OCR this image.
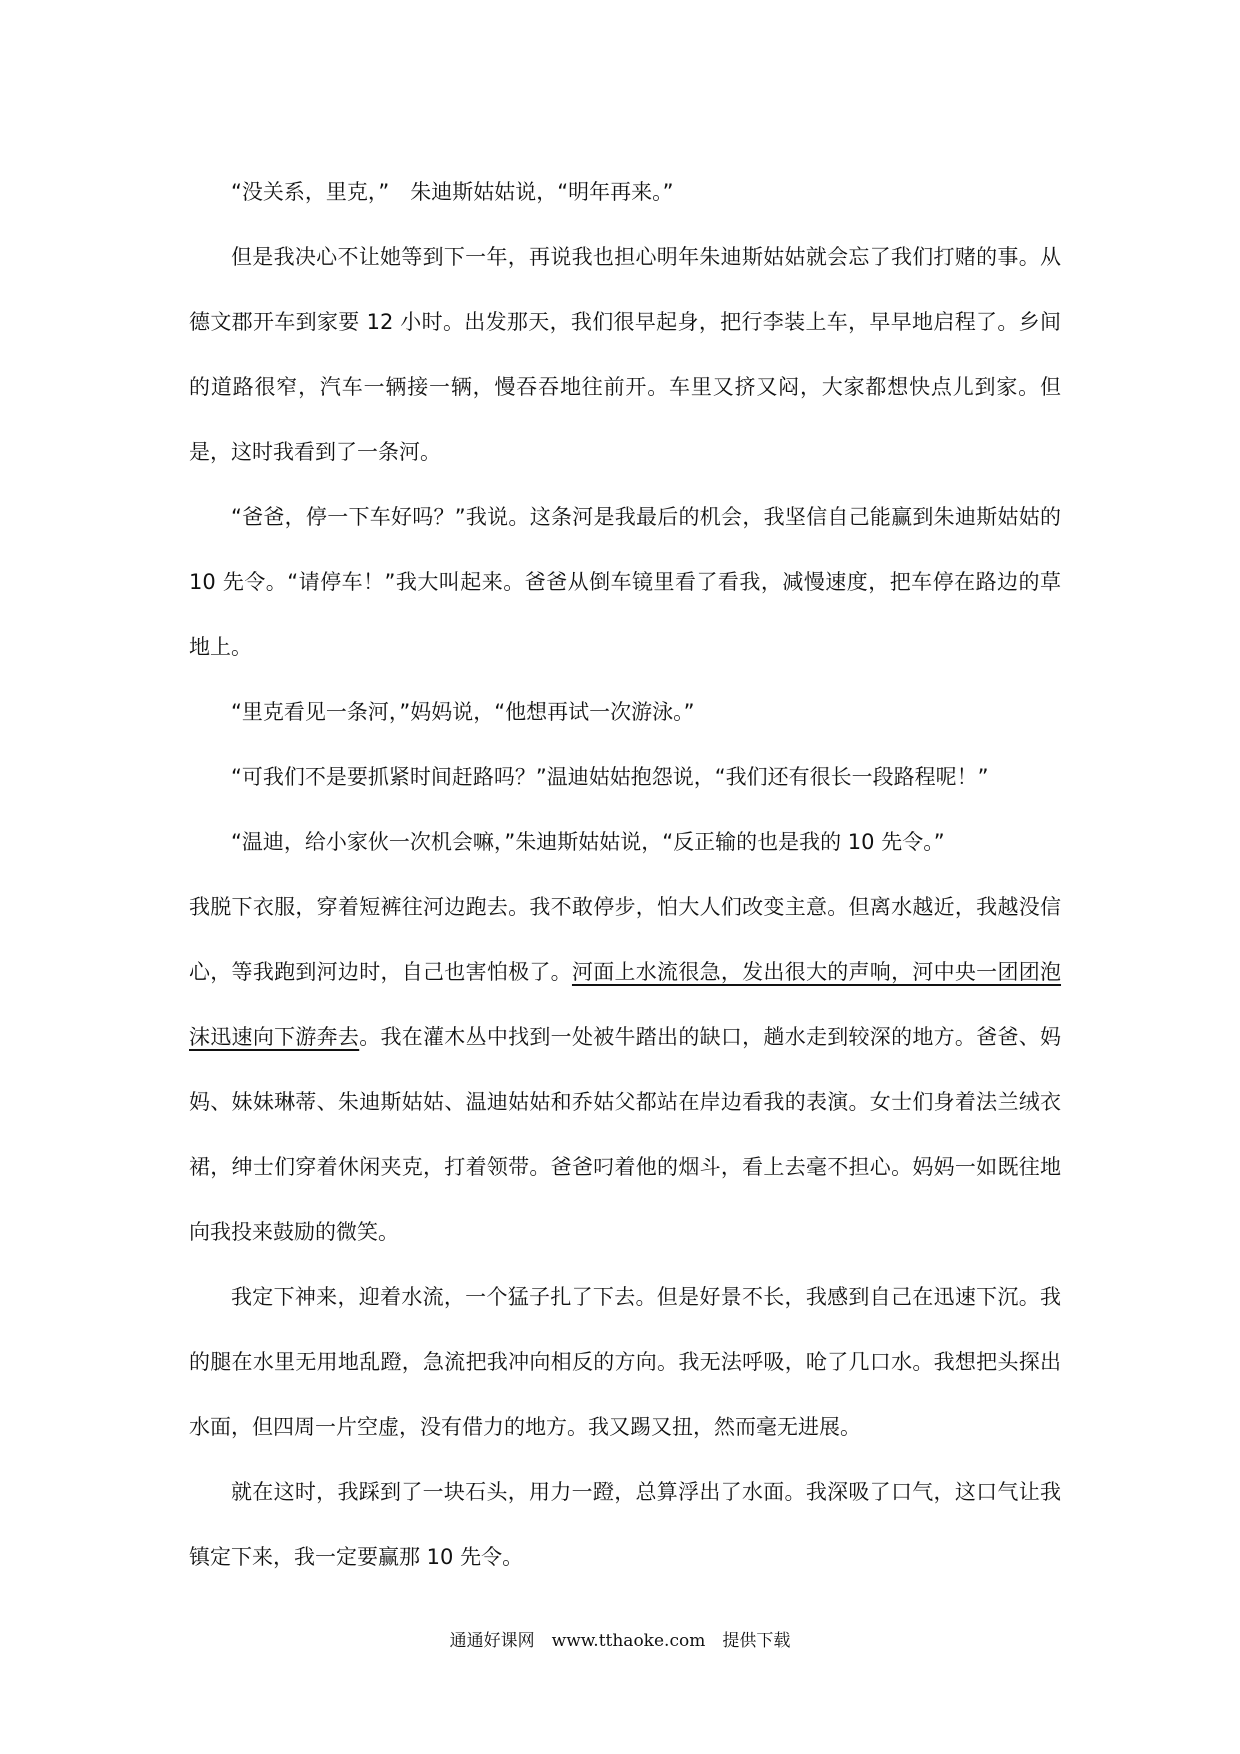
“没关系，里克，”　朱迪斯姑姑说，“明年再来。”

但是我决心不让她等到下一年，再说我也担心明年朱迪斯姑姑就会忘了我们打赌的事。从德文郡开车到家要 12 小时。出发那天，我们很早起身，把行李装上车，早早地启程了。乡间的道路很窄，汽车一辆接一辆，慢吞吞地往前开。车里又挤又闷，大家都想快点儿到家。但是，这时我看到了一条河。

“爸爸，停一下车好吗？”我说。这条河是我最后的机会，我坚信自己能赢到朱迪斯姑姑的 10 先令。“请停车！”我大叫起来。爸爸从倒车镜里看了看我，减慢速度，把车停在路边的草地上。

“里克看见一条河，”妈妈说，“他想再试一次游泳。”

“可我们不是要抓紧时间赶路吗？”温迪姑姑抱怨说，“我们还有很长一段路程呢！”

“温迪，给小家伙一次机会嘛，”朱迪斯姑姑说，“反正输的也是我的 10 先令。”

我脱下衣服，穿着短裤往河边跑去。我不敢停步，怕大人们改变主意。但离水越近，我越没信心，等我跑到河边时，自己也害怕极了。河面上水流很急，发出很大的声响，河中央一团团泡沫迅速向下游奔去。我在灌木丛中找到一处被牛踏出的缺口，趟水走到较深的地方。爸爸、妈妈、妹妹琳蒂、朱迪斯姑姑、温迪姑姑和乔姑父都站在岸边看我的表演。女士们身着法兰绒衣裙，绅士们穿着休闲夹克，打着领带。爸爸叼着他的烟斗，看上去毫不担心。妈妈一如既往地向我投来鼓励的微笑。

我定下神来，迎着水流，一个猛子扎了下去。但是好景不长，我感到自己在迅速下沉。我的腿在水里无用地乱蹬，急流把我冲向相反的方向。我无法呼吸，呛了几口水。我想把头探出水面，但四周一片空虚，没有借力的地方。我又踢又扭，然而毫无进展。

就在这时，我踩到了一块石头，用力一蹬，总算浮出了水面。我深吸了口气，这口气让我镇定下来，我一定要赢那 10 先令。

通通好课网　www.tthaoke.com　提供下载
